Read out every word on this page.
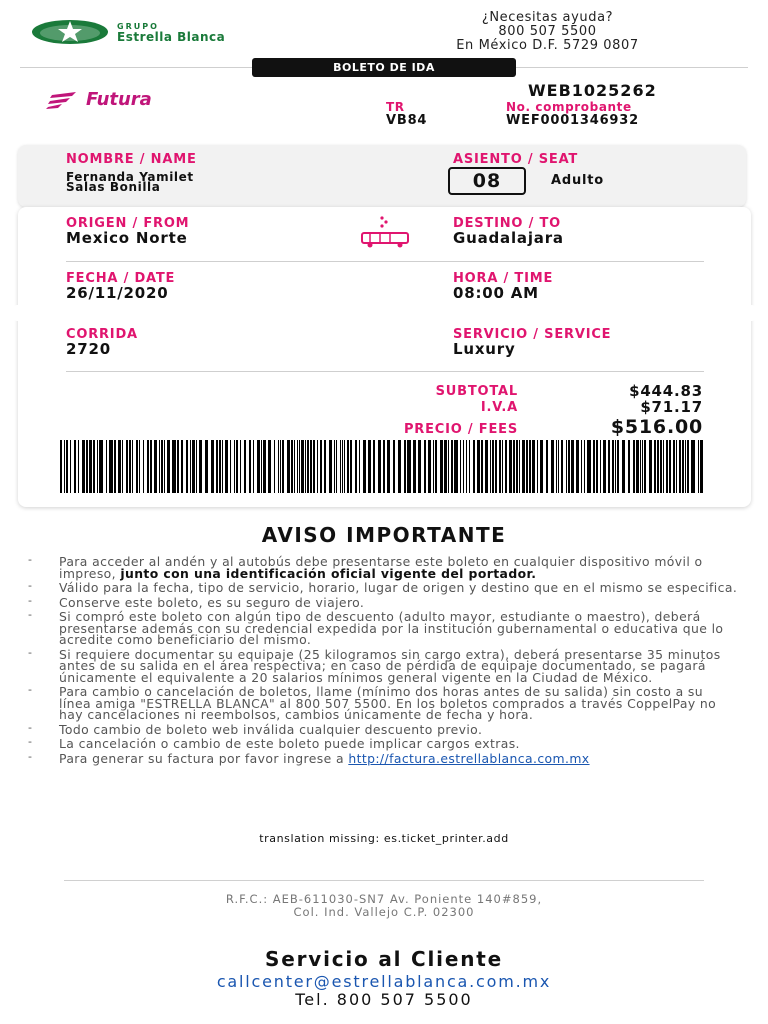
GRUPO
Estrella Blanca
¿Necesitas ayuda?
800 507 5500
En México D.F. 5729 0807
BOLETO DE IDA
Futura	WEB1025262
TR	No. comprobante
VB84	WEF0001346932
NOMBRE / NAME
Fernanda Yamilet
Salas Bonilla
ASIENTO / SEAT
08	Adulto
ORIGEN / FROM
Mexico Norte
DESTINO / TO
Guadalajara
FECHA / DATE
26/11/2020
HORA / TIME
08:00 AM
CORRIDA
2720
SERVICIO / SERVICE
Luxury
SUBTOTAL	$444.83
I.V.A	$71.17
PRECIO / FEES	$516.00
AVISO IMPORTANTE
- Para acceder al andén y al autobús debe presentarse este boleto en cualquier dispositivo móvil o impreso, junto con una identificación oficial vigente del portador.
- Válido para la fecha, tipo de servicio, horario, lugar de origen y destino que en el mismo se especifica.
- Conserve este boleto, es su seguro de viajero.
- Si compró este boleto con algún tipo de descuento (adulto mayor, estudiante o maestro), deberá presentarse además con su credencial expedida por la institución gubernamental o educativa que lo acredite como beneficiario del mismo.
- Si requiere documentar su equipaje (25 kilogramos sin cargo extra), deberá presentarse 35 minutos antes de su salida en el área respectiva; en caso de pérdida de equipaje documentado, se pagará únicamente el equivalente a 20 salarios mínimos general vigente en la Ciudad de México.
- Para cambio o cancelación de boletos, llame (mínimo dos horas antes de su salida) sin costo a su línea amiga "ESTRELLA BLANCA" al 800 507 5500. En los boletos comprados a través CoppelPay no hay cancelaciones ni reembolsos, cambios únicamente de fecha y hora.
- Todo cambio de boleto web inválida cualquier descuento previo.
- La cancelación o cambio de este boleto puede implicar cargos extras.
- Para generar su factura por favor ingrese a http://factura.estrellablanca.com.mx
translation missing: es.ticket_printer.add
R.F.C.: AEB-611030-SN7 Av. Poniente 140#859,
Col. Ind. Vallejo C.P. 02300
Servicio al Cliente
callcenter@estrellablanca.com.mx
Tel. 800 507 5500
